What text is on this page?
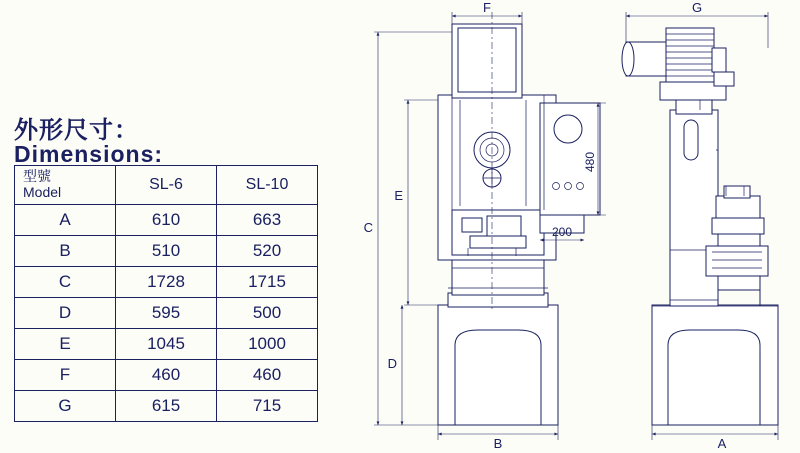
外形尺寸：
Dimensions:
型號
Model	SL-6	SL-10
A	610	663
B	510	520
C	1728	1715
D	595	500
E	1045	1000
F	460	460
G	615	715
F
B
C
E
D
480
200
G
A
